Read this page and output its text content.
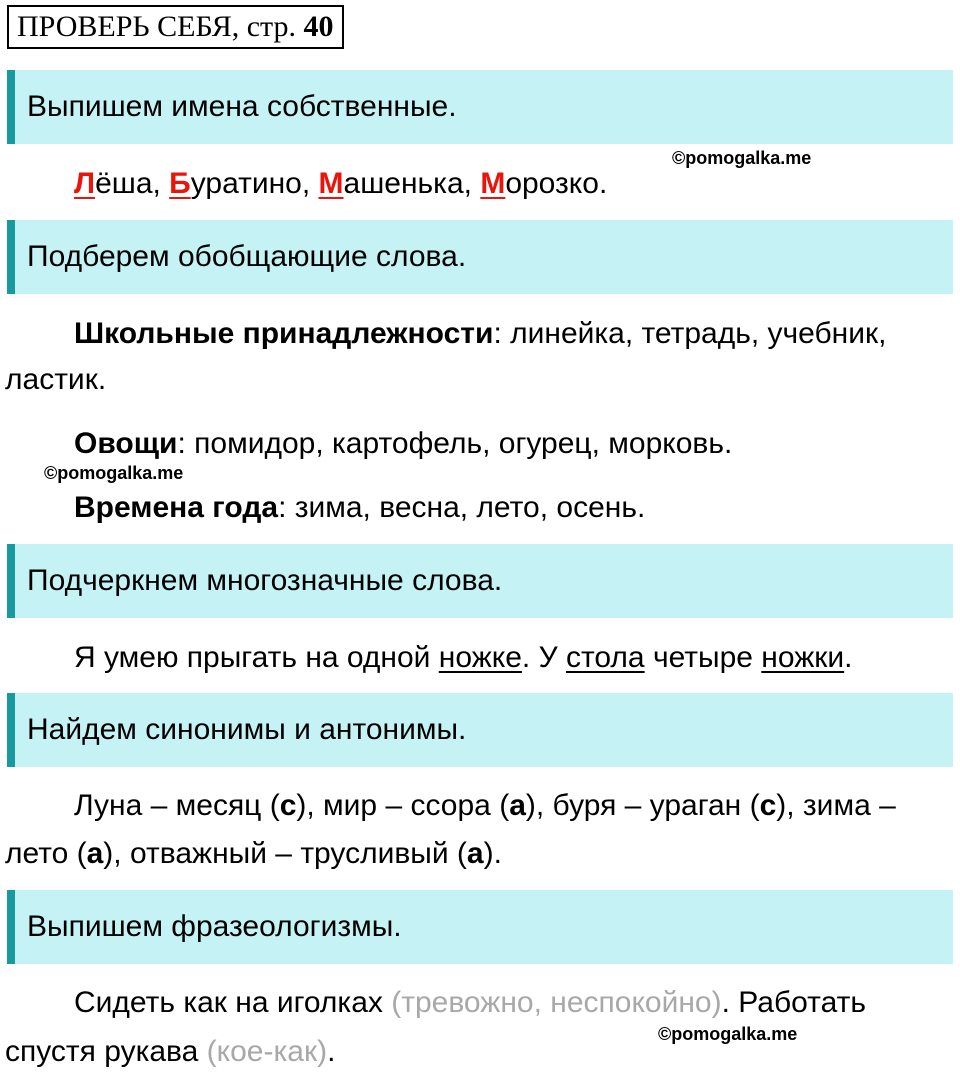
ПРОВЕРЬ СЕБЯ, стр. 40
Выпишем имена собственные.
©pomogalka.me
Лёша, Буратино, Машенька, Морозко.
Подберем обобщающие слова.
Школьные принадлежности: линейка, тетрадь, учебник,
ластик.
Овощи: помидор, картофель, огурец, морковь.
©pomogalka.me
Времена года: зима, весна, лето, осень.
Подчеркнем многозначные слова.
Я умею прыгать на одной ножке. У стола четыре ножки.
Найдем синонимы и антонимы.
Луна – месяц (с), мир – ссора (а), буря – ураган (с), зима –
лето (а), отважный – трусливый (а).
Выпишем фразеологизмы.
Сидеть как на иголках (тревожно, неспокойно). Работать
©pomogalka.me
спустя рукава (кое-как).
